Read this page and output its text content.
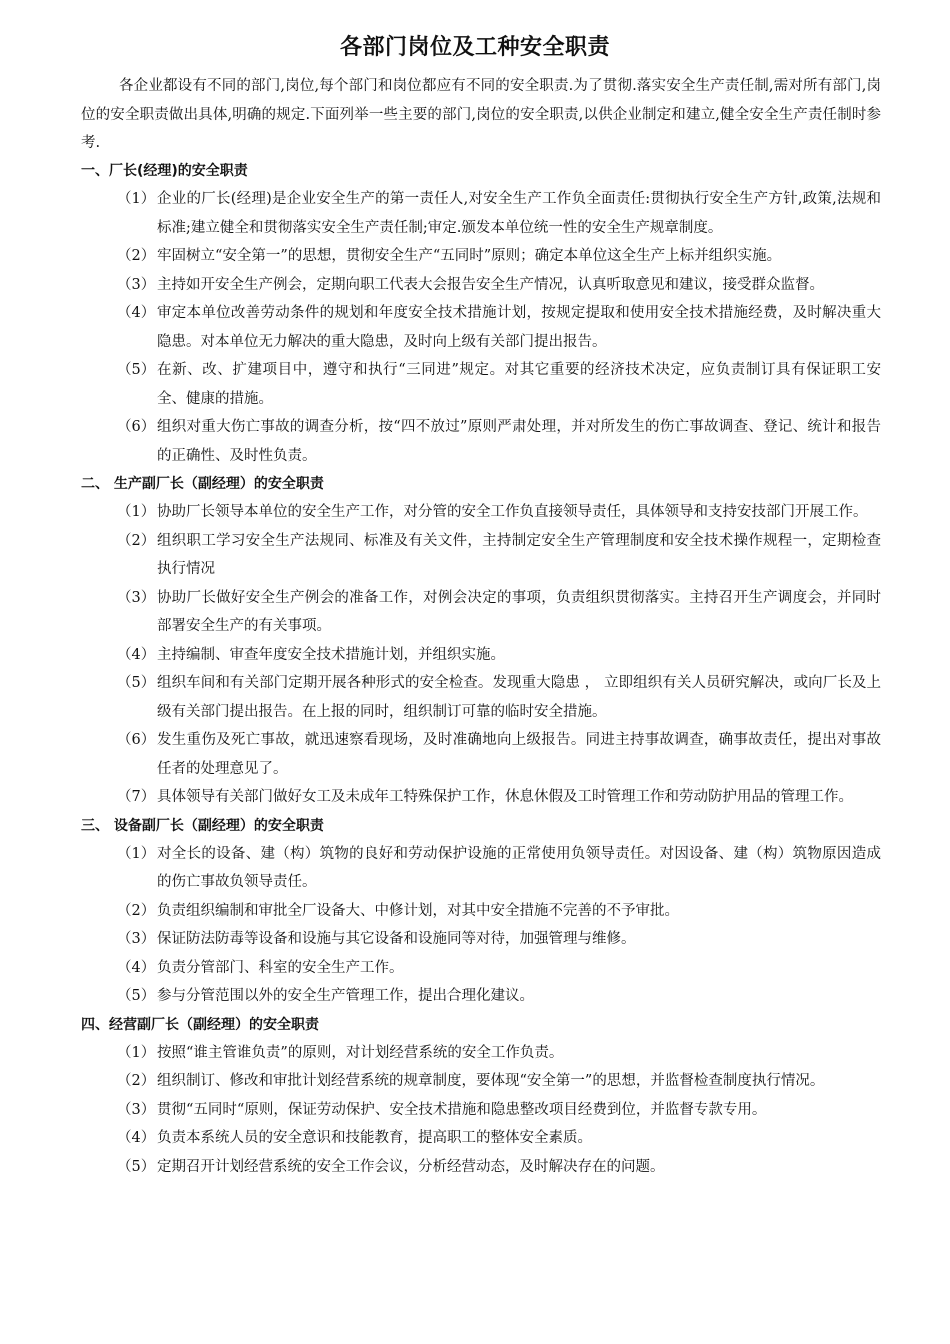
各部门岗位及工种安全职责

各企业都设有不同的部门,岗位,每个部门和岗位都应有不同的安全职责.为了贯彻.落实安全生产责任制,需对所有部门,岗位的安全职责做出具体,明确的规定.下面列举一些主要的部门,岗位的安全职责,以供企业制定和建立,健全安全生产责任制时参考.

一、厂长(经理)的安全职责
（1） 企业的厂长(经理)是企业安全生产的第一责任人,对安全生产工作负全面责任:贯彻执行安全生产方针,政策,法规和标准;建立健全和贯彻落实安全生产责任制;审定.颁发本单位统一性的安全生产规章制度。
（2） 牢固树立“安全第一”的思想，贯彻安全生产“五同时”原则；确定本单位这全生产上标并组织实施。
（3） 主持如开安全生产例会，定期向职工代表大会报告安全生产情况，认真听取意见和建议，接受群众监督。
（4） 审定本单位改善劳动条件的规划和年度安全技术措施计划，按规定提取和使用安全技术措施经费，及时解决重大隐患。对本单位无力解决的重大隐患，及时向上级有关部门提出报告。
（5） 在新、改、扩建项目中，遵守和执行“三同进”规定。对其它重要的经济技术决定，应负责制订具有保证职工安全、健康的措施。
（6） 组织对重大伤亡事故的调查分析，按“四不放过”原则严肃处理，并对所发生的伤亡事故调查、登记、统计和报告的正确性、及时性负责。
二、 生产副厂长（副经理）的安全职责
（1） 协助厂长领导本单位的安全生产工作，对分管的安全工作负直接领导责任，具体领导和支持安技部门开展工作。
（2） 组织职工学习安全生产法规同、标准及有关文件，主持制定安全生产管理制度和安全技术操作规程一，定期检查执行情况
（3） 协助厂长做好安全生产例会的准备工作，对例会决定的事项，负责组织贯彻落实。主持召开生产调度会，并同时部署安全生产的有关事项。
（4） 主持编制、审查年度安全技术措施计划，并组织实施。
（5） 组织车间和有关部门定期开展各种形式的安全检查。发现重大隐患 ， 立即组织有关人员研究解决，或向厂长及上级有关部门提出报告。在上报的同时，组织制订可靠的临时安全措施。
（6） 发生重伤及死亡事故，就迅速察看现场，及时准确地向上级报告。同进主持事故调查，确事故责任，提出对事故任者的处理意见了。
（7） 具体领导有关部门做好女工及未成年工特殊保护工作，休息休假及工时管理工作和劳动防护用品的管理工作。
三、 设备副厂长（副经理）的安全职责
（1） 对全长的设备、建（构）筑物的良好和劳动保护设施的正常使用负领导责任。对因设备、建（构）筑物原因造成的伤亡事故负领导责任。
（2） 负责组织编制和审批全厂设备大、中修计划，对其中安全措施不完善的不予审批。
（3） 保证防法防毒等设备和设施与其它设备和设施同等对待，加强管理与维修。
（4） 负责分管部门、科室的安全生产工作。
（5） 参与分管范围以外的安全生产管理工作，提出合理化建议。
四、经营副厂长（副经理）的安全职责
（1） 按照“谁主管谁负责”的原则，对计划经营系统的安全工作负责。
（2） 组织制订、修改和审批计划经营系统的规章制度，要体现“安全第一”的思想，并监督检查制度执行情况。
（3） 贯彻“五同时“原则，保证劳动保护、安全技术措施和隐患整改项目经费到位，并监督专款专用。
（4） 负责本系统人员的安全意识和技能教育，提高职工的整体安全素质。
（5） 定期召开计划经营系统的安全工作会议，分析经营动态，及时解决存在的问题。
